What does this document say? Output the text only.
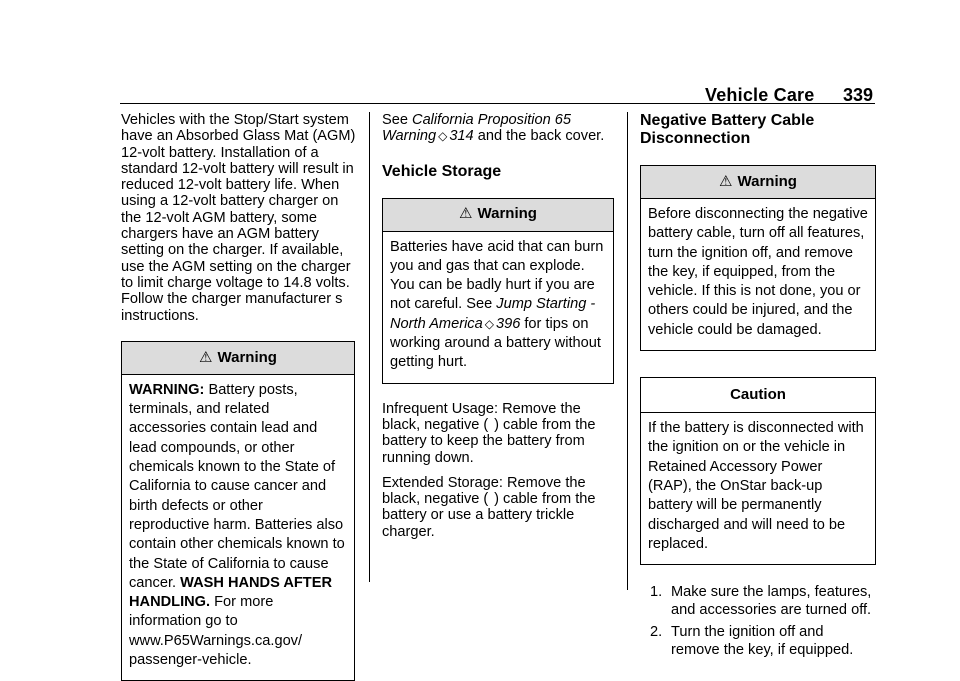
Vehicle Care 339

Vehicles with the Stop/Start system have an Absorbed Glass Mat (AGM) 12-volt battery. Installation of a standard 12-volt battery will result in reduced 12-volt battery life. When using a 12-volt battery charger on the 12-volt AGM battery, some chargers have an AGM battery setting on the charger. If available, use the AGM setting on the charger to limit charge voltage to 14.8 volts. Follow the charger manufacturer s instructions.

⚠ Warning
WARNING: Battery posts, terminals, and related accessories contain lead and lead compounds, or other chemicals known to the State of California to cause cancer and birth defects or other reproductive harm. Batteries also contain other chemicals known to the State of California to cause cancer. WASH HANDS AFTER HANDLING. For more information go to www.P65Warnings.ca.gov/ passenger-vehicle.

See California Proposition 65 Warning ◇ 314 and the back cover.

Vehicle Storage
⚠ Warning
Batteries have acid that can burn you and gas that can explode. You can be badly hurt if you are not careful. See Jump Starting - North America ◇ 396 for tips on working around a battery without getting hurt.

Infrequent Usage: Remove the black, negative (  ) cable from the battery to keep the battery from running down.

Extended Storage: Remove the black, negative (  ) cable from the battery or use a battery trickle charger.

Negative Battery Cable Disconnection
⚠ Warning
Before disconnecting the negative battery cable, turn off all features, turn the ignition off, and remove the key, if equipped, from the vehicle. If this is not done, you or others could be injured, and the vehicle could be damaged.
Caution
If the battery is disconnected with the ignition on or the vehicle in Retained Accessory Power (RAP), the OnStar back-up battery will be permanently discharged and will need to be replaced.
1. Make sure the lamps, features, and accessories are turned off.
2. Turn the ignition off and remove the key, if equipped.
